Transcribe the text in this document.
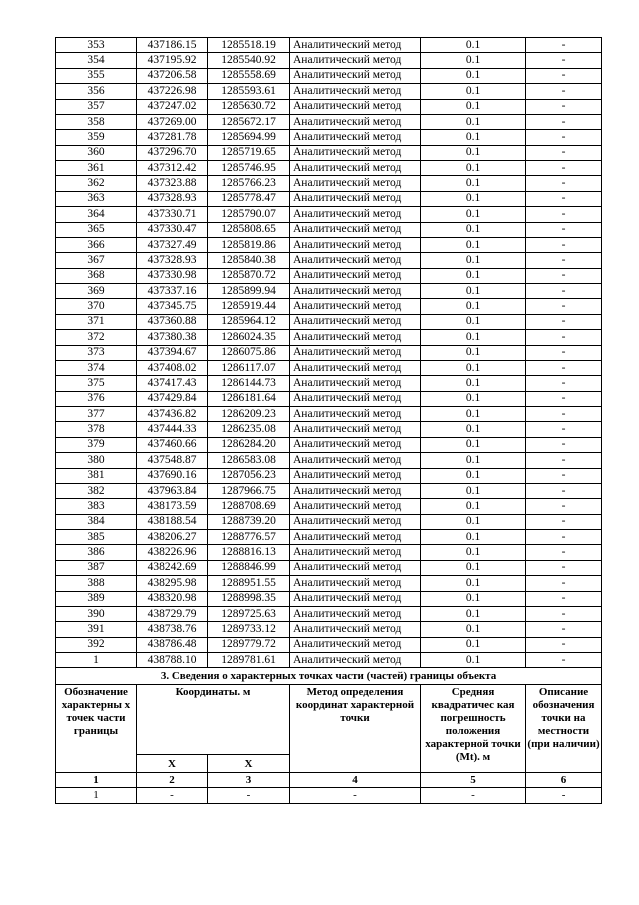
353	437186.15	1285518.19	Аналитический метод	0.1	-
354	437195.92	1285540.92	Аналитический метод	0.1	-
355	437206.58	1285558.69	Аналитический метод	0.1	-
356	437226.98	1285593.61	Аналитический метод	0.1	-
357	437247.02	1285630.72	Аналитический метод	0.1	-
358	437269.00	1285672.17	Аналитический метод	0.1	-
359	437281.78	1285694.99	Аналитический метод	0.1	-
360	437296.70	1285719.65	Аналитический метод	0.1	-
361	437312.42	1285746.95	Аналитический метод	0.1	-
362	437323.88	1285766.23	Аналитический метод	0.1	-
363	437328.93	1285778.47	Аналитический метод	0.1	-
364	437330.71	1285790.07	Аналитический метод	0.1	-
365	437330.47	1285808.65	Аналитический метод	0.1	-
366	437327.49	1285819.86	Аналитический метод	0.1	-
367	437328.93	1285840.38	Аналитический метод	0.1	-
368	437330.98	1285870.72	Аналитический метод	0.1	-
369	437337.16	1285899.94	Аналитический метод	0.1	-
370	437345.75	1285919.44	Аналитический метод	0.1	-
371	437360.88	1285964.12	Аналитический метод	0.1	-
372	437380.38	1286024.35	Аналитический метод	0.1	-
373	437394.67	1286075.86	Аналитический метод	0.1	-
374	437408.02	1286117.07	Аналитический метод	0.1	-
375	437417.43	1286144.73	Аналитический метод	0.1	-
376	437429.84	1286181.64	Аналитический метод	0.1	-
377	437436.82	1286209.23	Аналитический метод	0.1	-
378	437444.33	1286235.08	Аналитический метод	0.1	-
379	437460.66	1286284.20	Аналитический метод	0.1	-
380	437548.87	1286583.08	Аналитический метод	0.1	-
381	437690.16	1287056.23	Аналитический метод	0.1	-
382	437963.84	1287966.75	Аналитический метод	0.1	-
383	438173.59	1288708.69	Аналитический метод	0.1	-
384	438188.54	1288739.20	Аналитический метод	0.1	-
385	438206.27	1288776.57	Аналитический метод	0.1	-
386	438226.96	1288816.13	Аналитический метод	0.1	-
387	438242.69	1288846.99	Аналитический метод	0.1	-
388	438295.98	1288951.55	Аналитический метод	0.1	-
389	438320.98	1288998.35	Аналитический метод	0.1	-
390	438729.79	1289725.63	Аналитический метод	0.1	-
391	438738.76	1289733.12	Аналитический метод	0.1	-
392	438786.48	1289779.72	Аналитический метод	0.1	-
1	438788.10	1289781.61	Аналитический метод	0.1	-
3. Сведения о характерных точках части (частей) границы объекта					
Обозначение характерны х точек части границы	Координаты. м		Метод определения координат характерной точки	Средняя квадратичес кая погрешность положения характерной точки (Mt). м	Описание обозначения точки на местности (при наличии)
	X	X			
1	2	3	4	5	6
1	-	-	-	-	-
